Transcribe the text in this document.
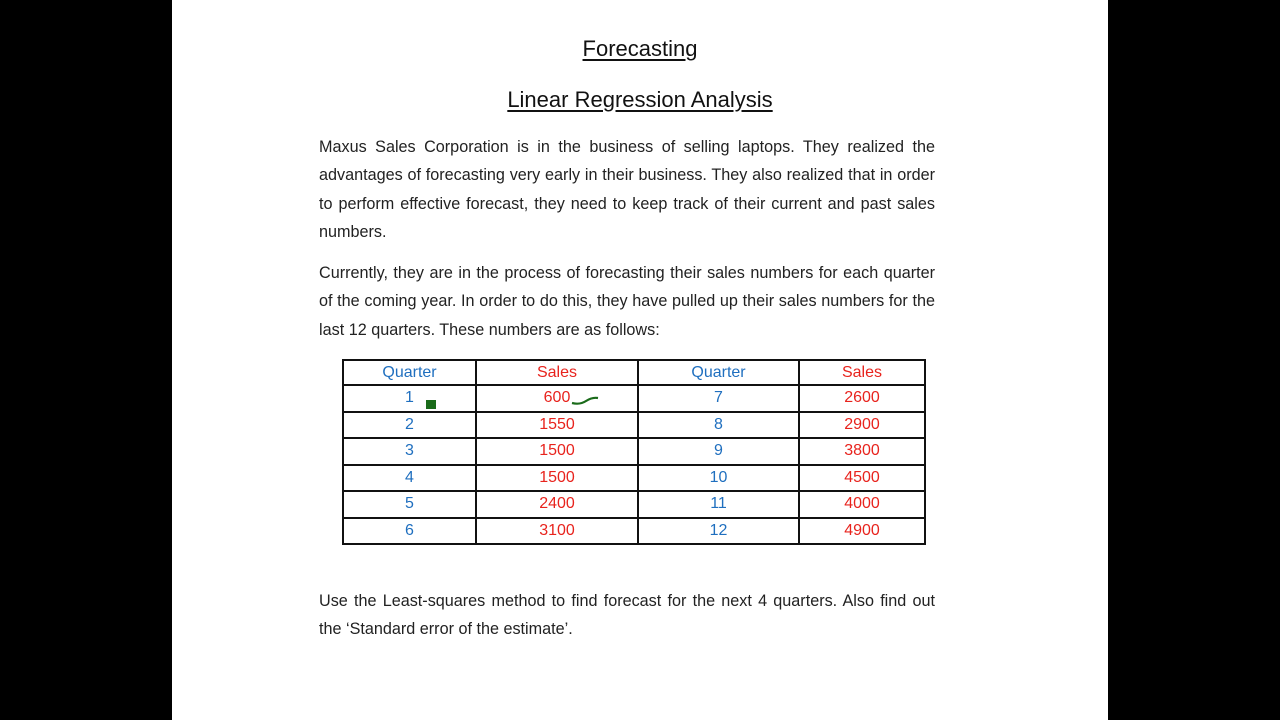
Forecasting
Linear Regression Analysis
Maxus Sales Corporation is in the business of selling laptops. They realized the advantages of forecasting very early in their business. They also realized that in order to perform effective forecast, they need to keep track of their current and past sales numbers.
Currently, they are in the process of forecasting their sales numbers for each quarter of the coming year. In order to do this, they have pulled up their sales numbers for the last 12 quarters. These numbers are as follows:
Use the Least-squares method to find forecast for the next 4 quarters. Also find out the ‘Standard error of the estimate’.
Quarter	Sales	Quarter	Sales
1	600	7	2600
2	1550	8	2900
3	1500	9	3800
4	1500	10	4500
5	2400	11	4000
6	3100	12	4900
